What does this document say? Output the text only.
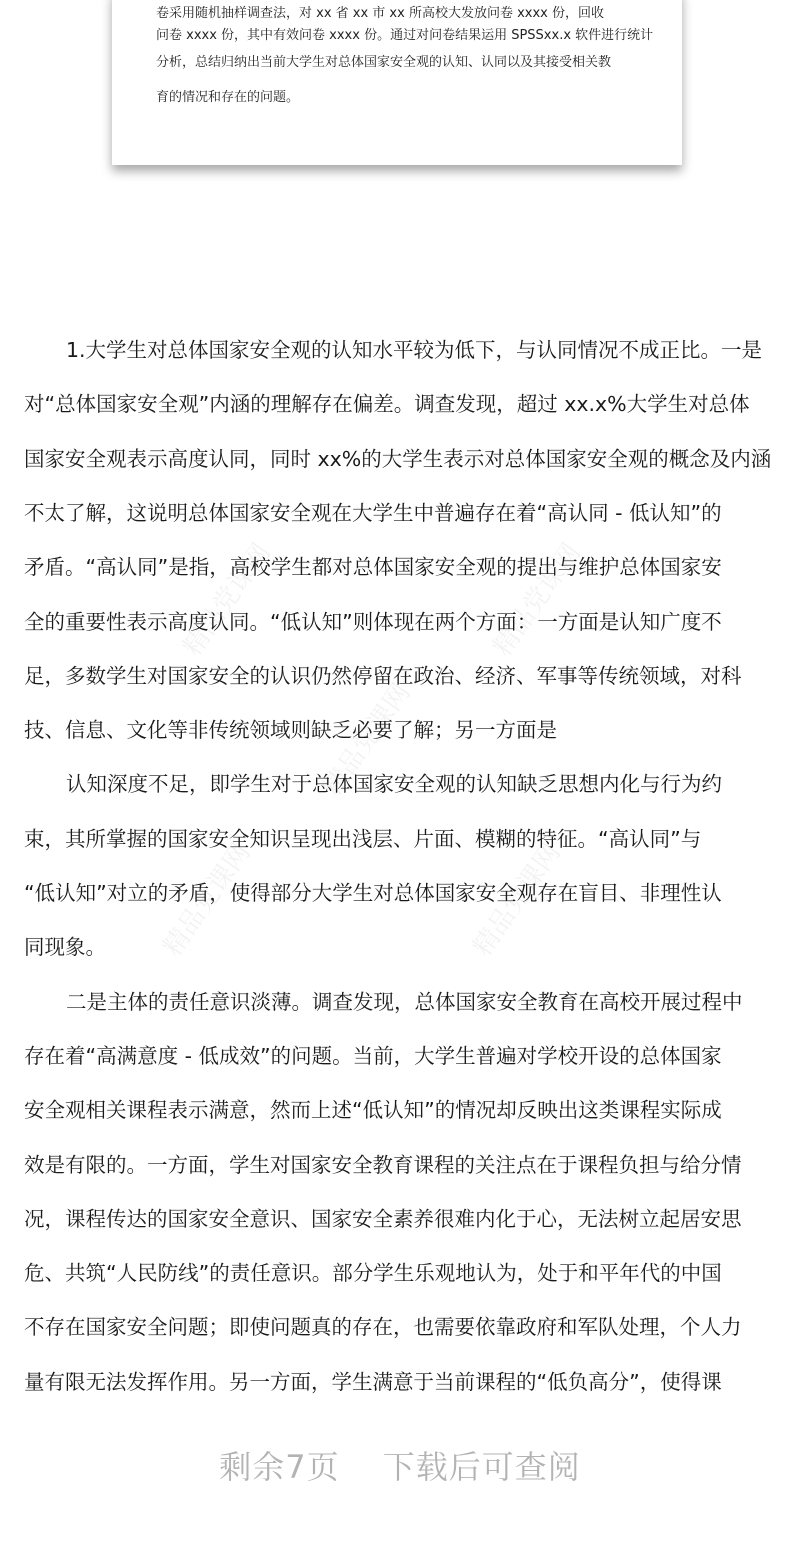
卷采用随机抽样调查法，对 xx 省 xx 市 xx 所高校大发放问卷 xxxx 份，回收
问卷 xxxx 份，其中有效问卷 xxxx 份。通过对问卷结果运用 SPSSxx.x 软件进行统计
分析，总结归纳出当前大学生对总体国家安全观的认知、认同以及其接受相关教
育的情况和存在的问题。
精品党课网	精品党课网
精品党课网
精品党课网	精品党课网
1.大学生对总体国家安全观的认知水平较为低下，与认同情况不成正比。一是
对“总体国家安全观”内涵的理解存在偏差。调查发现，超过 xx.x%大学生对总体
国家安全观表示高度认同，同时 xx%的大学生表示对总体国家安全观的概念及内涵
不太了解，这说明总体国家安全观在大学生中普遍存在着“高认同 - 低认知”的
矛盾。“高认同”是指，高校学生都对总体国家安全观的提出与维护总体国家安
全的重要性表示高度认同。“低认知”则体现在两个方面：一方面是认知广度不
足，多数学生对国家安全的认识仍然停留在政治、经济、军事等传统领域，对科
技、信息、文化等非传统领域则缺乏必要了解；另一方面是
认知深度不足，即学生对于总体国家安全观的认知缺乏思想内化与行为约
束，其所掌握的国家安全知识呈现出浅层、片面、模糊的特征。“高认同”与
“低认知”对立的矛盾，使得部分大学生对总体国家安全观存在盲目、非理性认
同现象。
二是主体的责任意识淡薄。调查发现，总体国家安全教育在高校开展过程中
存在着“高满意度 - 低成效”的问题。当前，大学生普遍对学校开设的总体国家
安全观相关课程表示满意，然而上述“低认知”的情况却反映出这类课程实际成
效是有限的。一方面，学生对国家安全教育课程的关注点在于课程负担与给分情
况，课程传达的国家安全意识、国家安全素养很难内化于心，无法树立起居安思
危、共筑“人民防线”的责任意识。部分学生乐观地认为，处于和平年代的中国
不存在国家安全问题；即使问题真的存在，也需要依靠政府和军队处理，个人力
量有限无法发挥作用。另一方面，学生满意于当前课程的“低负高分”，使得课
剩余7页 下载后可查阅
